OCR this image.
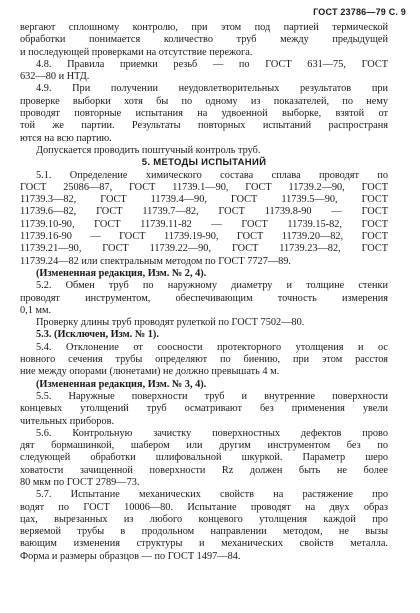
ГОСТ 23786—79 С. 9
вергают сплошному контролю, при этом под партией термической
обработки понимается количество труб между предыдущей
и последующей проверками на отсутствие пережога.
4.8. Правила приемки резьб — по ГОСТ 631—75, ГОСТ
632—80 и НТД.
4.9. При получении неудовлетворительных результатов при
проверке выборки хотя бы по одному из показателей, по нему
проводят повторные испытания на удвоенной выборке, взятой от
той же партии. Результаты повторных испытаний распространя
ются на всю партию.
Допускается проводить поштучный контроль труб.
5. МЕТОДЫ ИСПЫТАНИЙ
5.1. Определение химического состава сплава проводят по
ГОСТ 25086—87, ГОСТ 11739.1—90, ГОСТ 11739.2—90, ГОСТ
11739.3—82, ГОСТ 11739.4—90, ГОСТ 11739.5—90, ГОСТ
11739.6—82, ГОСТ 11739.7—82, ГОСТ 11739.8-90 — ГОСТ
11739.10-90, ГОСТ 11739.11-82 — ГОСТ 11739.15-82, ГОСТ
11739.16-90 — ГОСТ 11739.19-90, ГОСТ 11739.20—82, ГОСТ
11739.21—90, ГОСТ 11739.22—90, ГОСТ 11739.23—82, ГОСТ
11739.24—82 или спектральным методом по ГОСТ 7727—89.
(Измененная редакция, Изм. № 2, 4).
5.2. Обмен труб по наружному диаметру и толщине стенки
проводят инструментом, обеспечивающим точность измерения
0,1 мм.
Проверку длины труб проводят рулеткой по ГОСТ 7502—80.
5.3. (Исключен, Изм. № 1).
5.4. Отклонение от соосности протекторного утолщения и ос
новного сечения трубы определяют по биению, при этом расстоя
ние между опорами (люнетами) не должно превышать 4 м.
(Измененная редакция, Изм. № 3, 4).
5.5. Наружные поверхности труб и внутренние поверхности
концевых утолщений труб осматривают без применения увели
чительных приборов.
5.6. Контрольную зачистку поверхностных дефектов прово
дят бормашинкой, шабером или другим инструментом без по
следующей обработки шлифовальной шкуркой. Параметр шеро
ховатости зачищенной поверхности Rz должен быть не более
80 мкм по ГОСТ 2789—73.
5.7. Испытание механических свойств на растяжение про
водят по ГОСТ 10006—80. Испытание проводят на двух образ
цах, вырезанных из любого концевого утолщения каждой про
веряемой трубы в продольном направлении методом, не вызы
вающим изменения структуры и механических свойств металла.
Форма и размеры образцов — по ГОСТ 1497—84.
